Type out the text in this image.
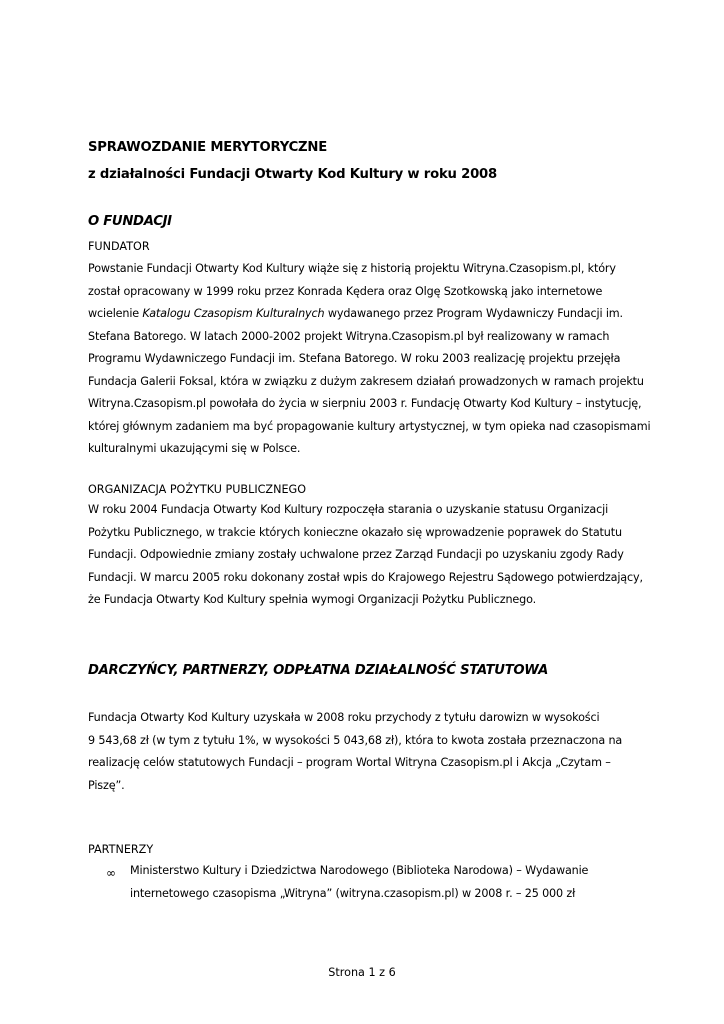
SPRAWOZDANIE MERYTORYCZNE
z działalności Fundacji Otwarty Kod Kultury w roku 2008
O FUNDACJI
FUNDATOR

Powstanie Fundacji Otwarty Kod Kultury wiąże się z historią projektu Witryna.Czasopism.pl, który
został opracowany w 1999 roku przez Konrada Kędera oraz Olgę Szotkowską jako internetowe
wcielenie Katalogu Czasopism Kulturalnych wydawanego przez Program Wydawniczy Fundacji im.
Stefana Batorego. W latach 2000-2002 projekt Witryna.Czasopism.pl był realizowany w ramach
Programu Wydawniczego Fundacji im. Stefana Batorego. W roku 2003 realizację projektu przejęła
Fundacja Galerii Foksal, która w związku z dużym zakresem działań prowadzonych w ramach projektu
Witryna.Czasopism.pl powołała do życia w sierpniu 2003 r. Fundację Otwarty Kod Kultury – instytucję,
której głównym zadaniem ma być propagowanie kultury artystycznej, w tym opieka nad czasopismami
kulturalnymi ukazującymi się w Polsce.

ORGANIZACJA POŻYTKU PUBLICZNEGO

W roku 2004 Fundacja Otwarty Kod Kultury rozpoczęła starania o uzyskanie statusu Organizacji
Pożytku Publicznego, w trakcie których konieczne okazało się wprowadzenie poprawek do Statutu
Fundacji. Odpowiednie zmiany zostały uchwalone przez Zarząd Fundacji po uzyskaniu zgody Rady
Fundacji. W marcu 2005 roku dokonany został wpis do Krajowego Rejestru Sądowego potwierdzający,
że Fundacja Otwarty Kod Kultury spełnia wymogi Organizacji Pożytku Publicznego.

DARCZYŃCY, PARTNERZY, ODPŁATNA DZIAŁALNOŚĆ STATUTOWA

Fundacja Otwarty Kod Kultury uzyskała w 2008 roku przychody z tytułu darowizn w wysokości
9 543,68 zł (w tym z tytułu 1%, w wysokości 5 043,68 zł), która to kwota została przeznaczona na
realizację celów statutowych Fundacji – program Wortal Witryna Czasopism.pl i Akcja „Czytam –
Piszę”.

PARTNERZY
∞ Ministerstwo Kultury i Dziedzictwa Narodowego (Biblioteka Narodowa) – Wydawanie
internetowego czasopisma „Witryna” (witryna.czasopism.pl) w 2008 r. – 25 000 zł

Strona 1 z 6
